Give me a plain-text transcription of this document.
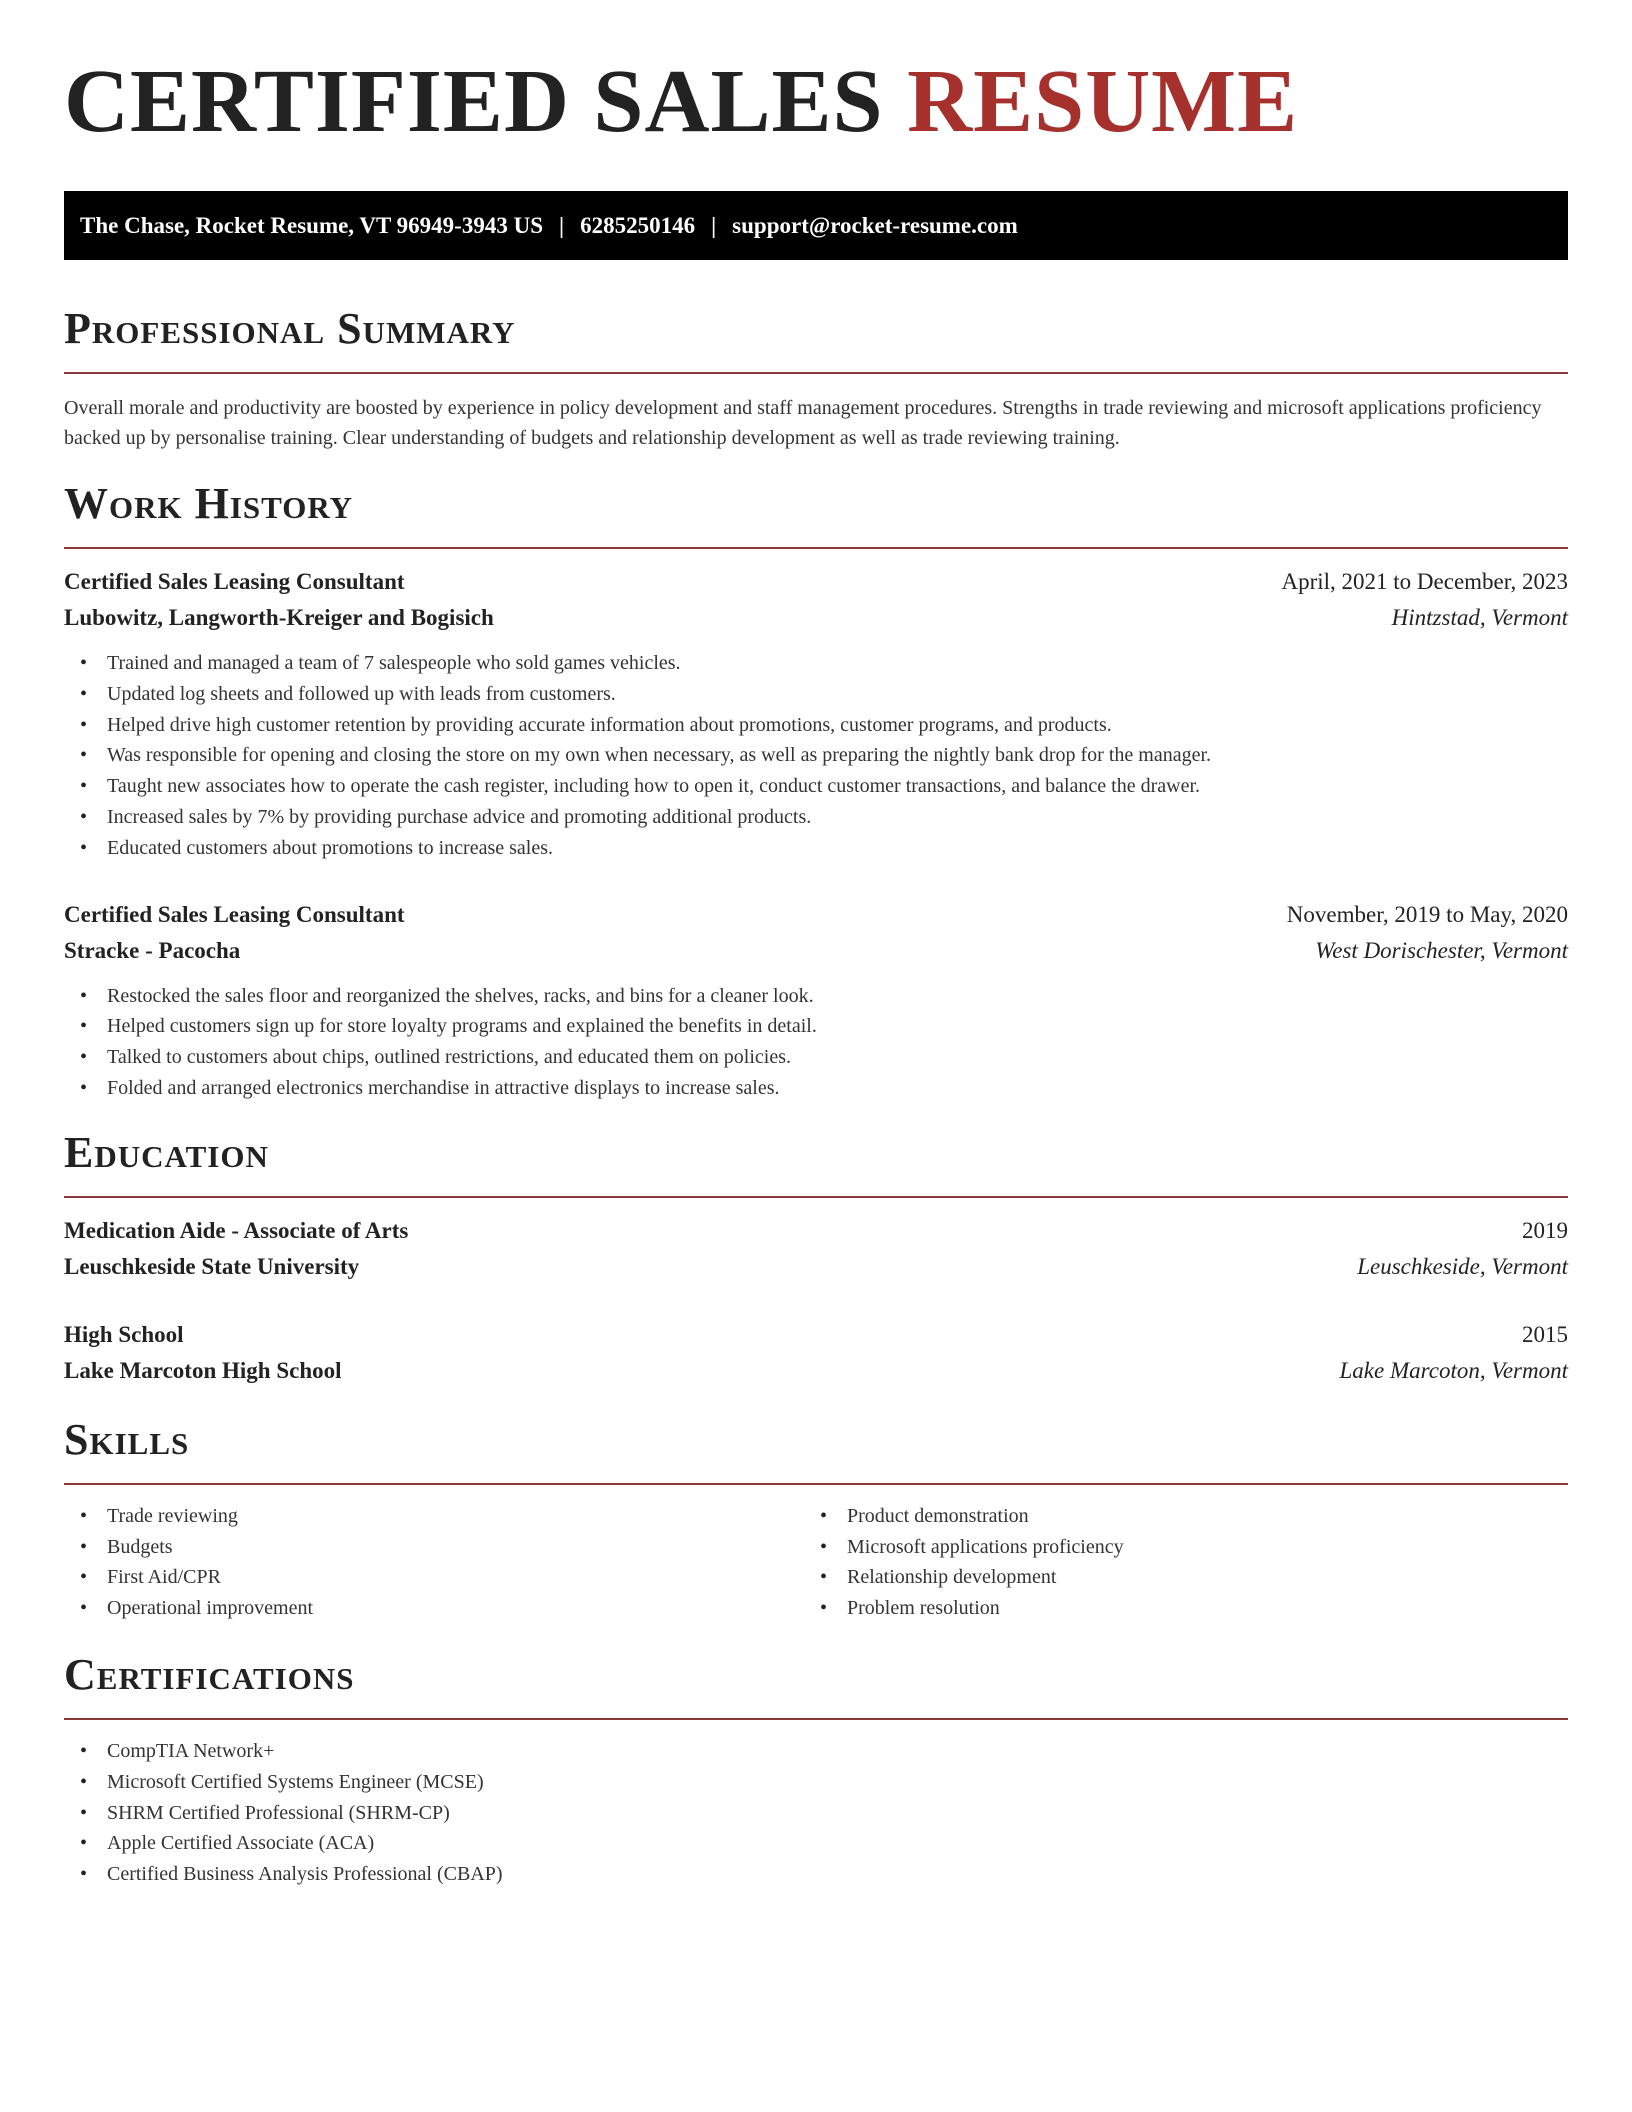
CERTIFIED SALES RESUME
The Chase, Rocket Resume, VT 96949-3943 US | 6285250146 | support@rocket-resume.com
Professional Summary

Overall morale and productivity are boosted by experience in policy development and staff management procedures. Strengths in trade reviewing and microsoft applications proficiency backed up by personalise training. Clear understanding of budgets and relationship development as well as trade reviewing training.

Work History
Certified Sales Leasing Consultant	April, 2021 to December, 2023
Lubowitz, Langworth-Kreiger and Bogisich	Hintzstad, Vermont
• Trained and managed a team of 7 salespeople who sold games vehicles.
• Updated log sheets and followed up with leads from customers.
• Helped drive high customer retention by providing accurate information about promotions, customer programs, and products.
• Was responsible for opening and closing the store on my own when necessary, as well as preparing the nightly bank drop for the manager.
• Taught new associates how to operate the cash register, including how to open it, conduct customer transactions, and balance the drawer.
• Increased sales by 7% by providing purchase advice and promoting additional products.
• Educated customers about promotions to increase sales.
Certified Sales Leasing Consultant	November, 2019 to May, 2020
Stracke - Pacocha	West Dorischester, Vermont
• Restocked the sales floor and reorganized the shelves, racks, and bins for a cleaner look.
• Helped customers sign up for store loyalty programs and explained the benefits in detail.
• Talked to customers about chips, outlined restrictions, and educated them on policies.
• Folded and arranged electronics merchandise in attractive displays to increase sales.
Education
Medication Aide - Associate of Arts	2019
Leuschkeside State University	Leuschkeside, Vermont
High School	2015
Lake Marcoton High School	Lake Marcoton, Vermont
Skills
• Trade reviewing
• Budgets
• First Aid/CPR
• Operational improvement
• Product demonstration
• Microsoft applications proficiency
• Relationship development
• Problem resolution
Certifications
• CompTIA Network+
• Microsoft Certified Systems Engineer (MCSE)
• SHRM Certified Professional (SHRM-CP)
• Apple Certified Associate (ACA)
• Certified Business Analysis Professional (CBAP)
